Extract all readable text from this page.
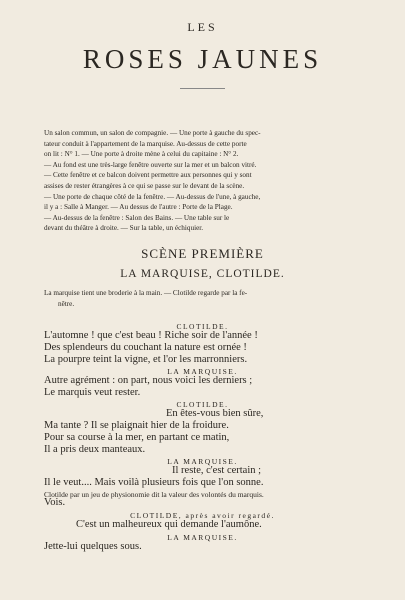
LES
ROSES JAUNES
Un salon commun, un salon de compagnie. — Une porte à gauche du spec-
tateur conduit à l'appartement de la marquise. Au-dessus de cette porte
on lit : N° 1. — Une porte à droite mène à celui du capitaine : N° 2.
— Au fond est une très-large fenêtre ouverte sur la mer et un balcon vitré.
— Cette fenêtre et ce balcon doivent permettre aux personnes qui y sont
assises de rester étrangères à ce qui se passe sur le devant de la scène.
— Une porte de chaque côté de la fenêtre. — Au-dessus de l'une, à gauche,
il y a : Salle à Manger. — Au dessus de l'autre : Porte de la Plage.
— Au-dessus de la fenêtre : Salon des Bains. — Une table sur le
devant du théâtre à droite. — Sur la table, un échiquier.
SCÈNE PREMIÈRE
LA MARQUISE, CLOTILDE.
La marquise tient une broderie à la main. — Clotilde regarde par la fe-
nêtre.
CLOTILDE.
L'automne ! que c'est beau ! Riche soir de l'année !
Des splendeurs du couchant la nature est ornée !
La pourpre teint la vigne, et l'or les marronniers.
LA MARQUISE.
Autre agrément : on part, nous voici les derniers ;
Le marquis veut rester.
CLOTILDE.
En êtes-vous bien sûre,
Ma tante ? Il se plaignait hier de la froidure.
Pour sa course à la mer, en partant ce matin,
Il a pris deux manteaux.
LA MARQUISE.
Il reste, c'est certain ;
Il le veut.... Mais voilà plusieurs fois que l'on sonne.
Clotilde par un jeu de physionomie dit la valeur des volontés du marquis.
Vois.
CLOTILDE, après avoir regardé.
C'est un malheureux qui demande l'aumône.
LA MARQUISE.
Jette-lui quelques sous.
